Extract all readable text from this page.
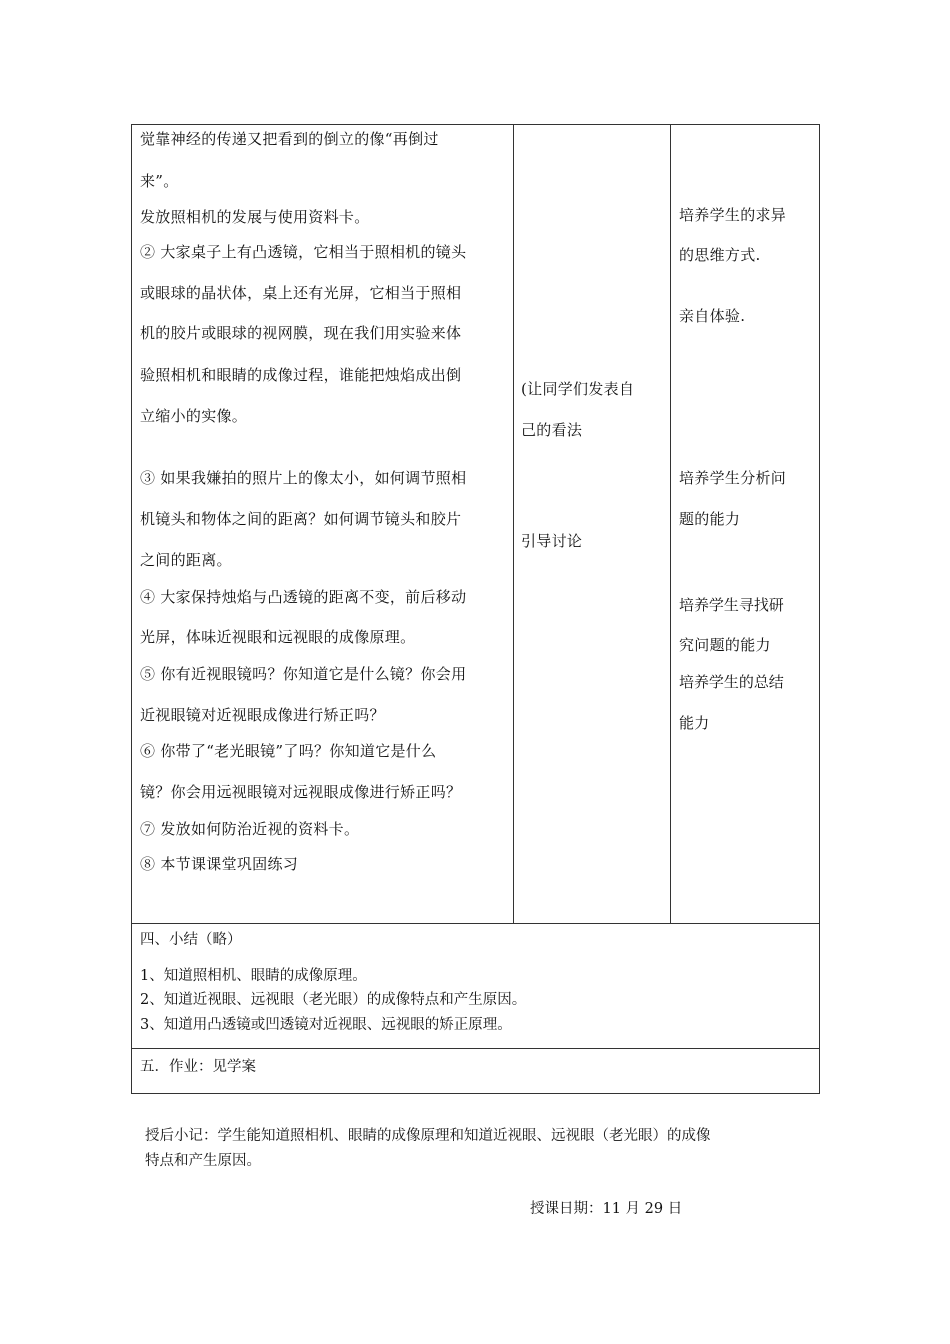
觉靠神经的传递又把看到的倒立的像“再倒过
来”。
发放照相机的发展与使用资料卡。
② 大家桌子上有凸透镜，它相当于照相机的镜头
或眼球的晶状体，桌上还有光屏，它相当于照相
机的胶片或眼球的视网膜，现在我们用实验来体
验照相机和眼睛的成像过程，谁能把烛焰成出倒
立缩小的实像。
③ 如果我嫌拍的照片上的像太小，如何调节照相
机镜头和物体之间的距离？如何调节镜头和胶片
之间的距离。
④ 大家保持烛焰与凸透镜的距离不变，前后移动
光屏，体味近视眼和远视眼的成像原理。
⑤ 你有近视眼镜吗？你知道它是什么镜？你会用
近视眼镜对近视眼成像进行矫正吗？
⑥ 你带了“老光眼镜”了吗？你知道它是什么
镜？你会用远视眼镜对远视眼成像进行矫正吗？
⑦ 发放如何防治近视的资料卡。
⑧ 本节课课堂巩固练习
(让同学们发表自
己的看法
引导讨论
培养学生的求异
的思维方式.
亲自体验.
培养学生分析问
题的能力
培 养 学 生 寻 找 研
究问题的能力
培 养 学 生 的 总 结
能力
四、小结（略）
1、知道照相机、眼睛的成像原理。
2、知道近视眼、远视眼（老光眼）的成像特点和产生原因。
3、知道用凸透镜或凹透镜对近视眼、远视眼的矫正原理。
五．作业：见学案
授后小记：学生能知道照相机、眼睛的成像原理和知道近视眼、远视眼（老光眼）的成像
特点和产生原因。
授课日期：11 月 29 日
